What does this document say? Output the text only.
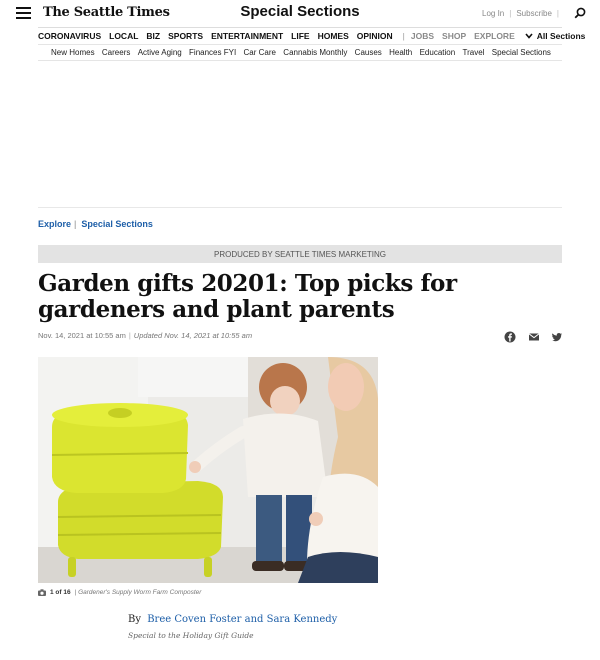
The Seattle Times	Special Sections	Log In | Subscribe |
CORONAVIRUS LOCAL BIZ SPORTS ENTERTAINMENT LIFE HOMES OPINION | JOBS SHOP EXPLORE	All Sections
New Homes Careers Active Aging Finances FYI Car Care Cannabis Monthly Causes Health Education Travel Special Sections
Explore | Special Sections
PRODUCED BY SEATTLE TIMES MARKETING
Garden gifts 20201: Top picks for gardeners and plant parents
Nov. 14, 2021 at 10:55 am | Updated Nov. 14, 2021 at 10:55 am
1 of 16 | Gardener's Supply Worm Farm Composter
By Bree Coven Foster and Sara Kennedy
Special to the Holiday Gift Guide
